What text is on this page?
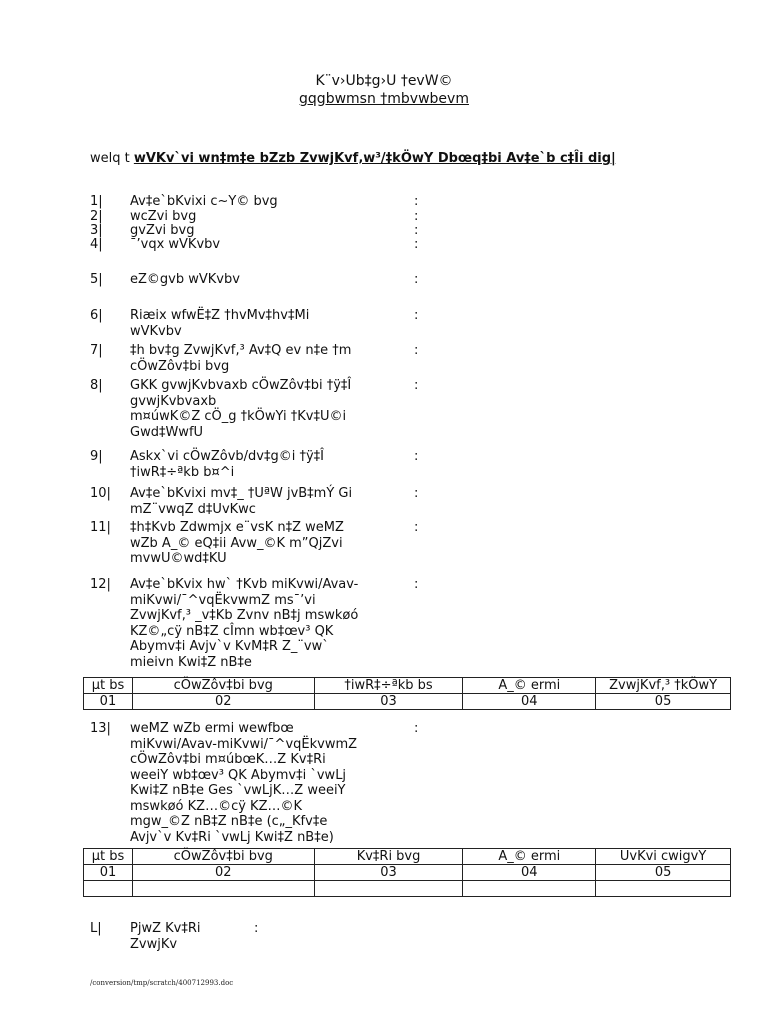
K¨v›Ub‡g›U †evW©
gqgbwmsn †mbvwbevm
welq t wVKv`vi wn‡m‡e bZzb ZvwjKvf‚w³/‡kÖwY Dbœq‡bi Av‡e`b c‡Îi dig|
1|	Av‡e`bKvixi c~Y© bvg	:
2|	wcZvi bvg	:
3|	gvZvi bvg	:
4|	¯’vqx wVKvbv	:
5|	eZ©gvb wVKvbv	:
6|	Riæix wfwË‡Z †hvMv‡hv‡Mi
wVKvbv
:
7|	‡h bv‡g ZvwjKvf‚³ Av‡Q ev n‡e †m
cÖwZôv‡bi bvg
:
8|	GKK gvwjKvbvaxb cÖwZôv‡bi †ÿ‡Î
gvwjKvbvaxb
m¤úwK©Z cÖ_g †kÖwYi †Kv‡U©i
Gwd‡WwfU
:
9|	Askx`vi cÖwZôvb/dv‡g©i †ÿ‡Î
†iwR‡÷ªkb b¤^i
:
10|	Av‡e`bKvixi mv‡_ †UªW jvB‡mÝ Gi
mZ¨vwqZ d‡UvKwc
:
11|	‡h‡Kvb Zdwmjx e¨vsK n‡Z weMZ
wZb A_© eQ‡ii Avw_©K m”QjZvi
mvwU©wd‡KU
:
12|	Av‡e`bKvix hw` †Kvb miKvwi/Avav-
miKvwi/¯^vqËkvwmZ ms¯’vi
ZvwjKvf‚³ _v‡Kb Zvnv nB‡j mswkøó
KZ©„cÿ nB‡Z cÎmn wb‡œv³ QK
Abymv‡i Avjv`v KvM‡R Z_¨vw`
mieivn Kwi‡Z nB‡e
:
µt bs	cÖwZôv‡bi bvg	†iwR‡÷ªkb bs	A_© ermi	ZvwjKvf‚³ †kÖwY
01	02	03	04	05
13|	weMZ wZb ermi wewfbœ
miKvwi/Avav-miKvwi/¯^vqËkvwmZ
cÖwZôv‡bi m¤úbœK…Z Kv‡Ri
weeiY wb‡œv³ QK Abymv‡i `vwLj
Kwi‡Z nB‡e Ges `vwLjK…Z weeiY
mswkøó KZ…©cÿ KZ…©K
mgw_©Z nB‡Z nB‡e (c„_Kfv‡e
Avjv`v Kv‡Ri `vwLj Kwi‡Z nB‡e)
:
µt bs	cÖwZôv‡bi bvg	Kv‡Ri bvg	A_© ermi	UvKvi cwigvY
01	02	03	04	05

L|	PjwZ Kv‡Ri
ZvwjKv
:
/conversion/tmp/scratch/400712993.doc
